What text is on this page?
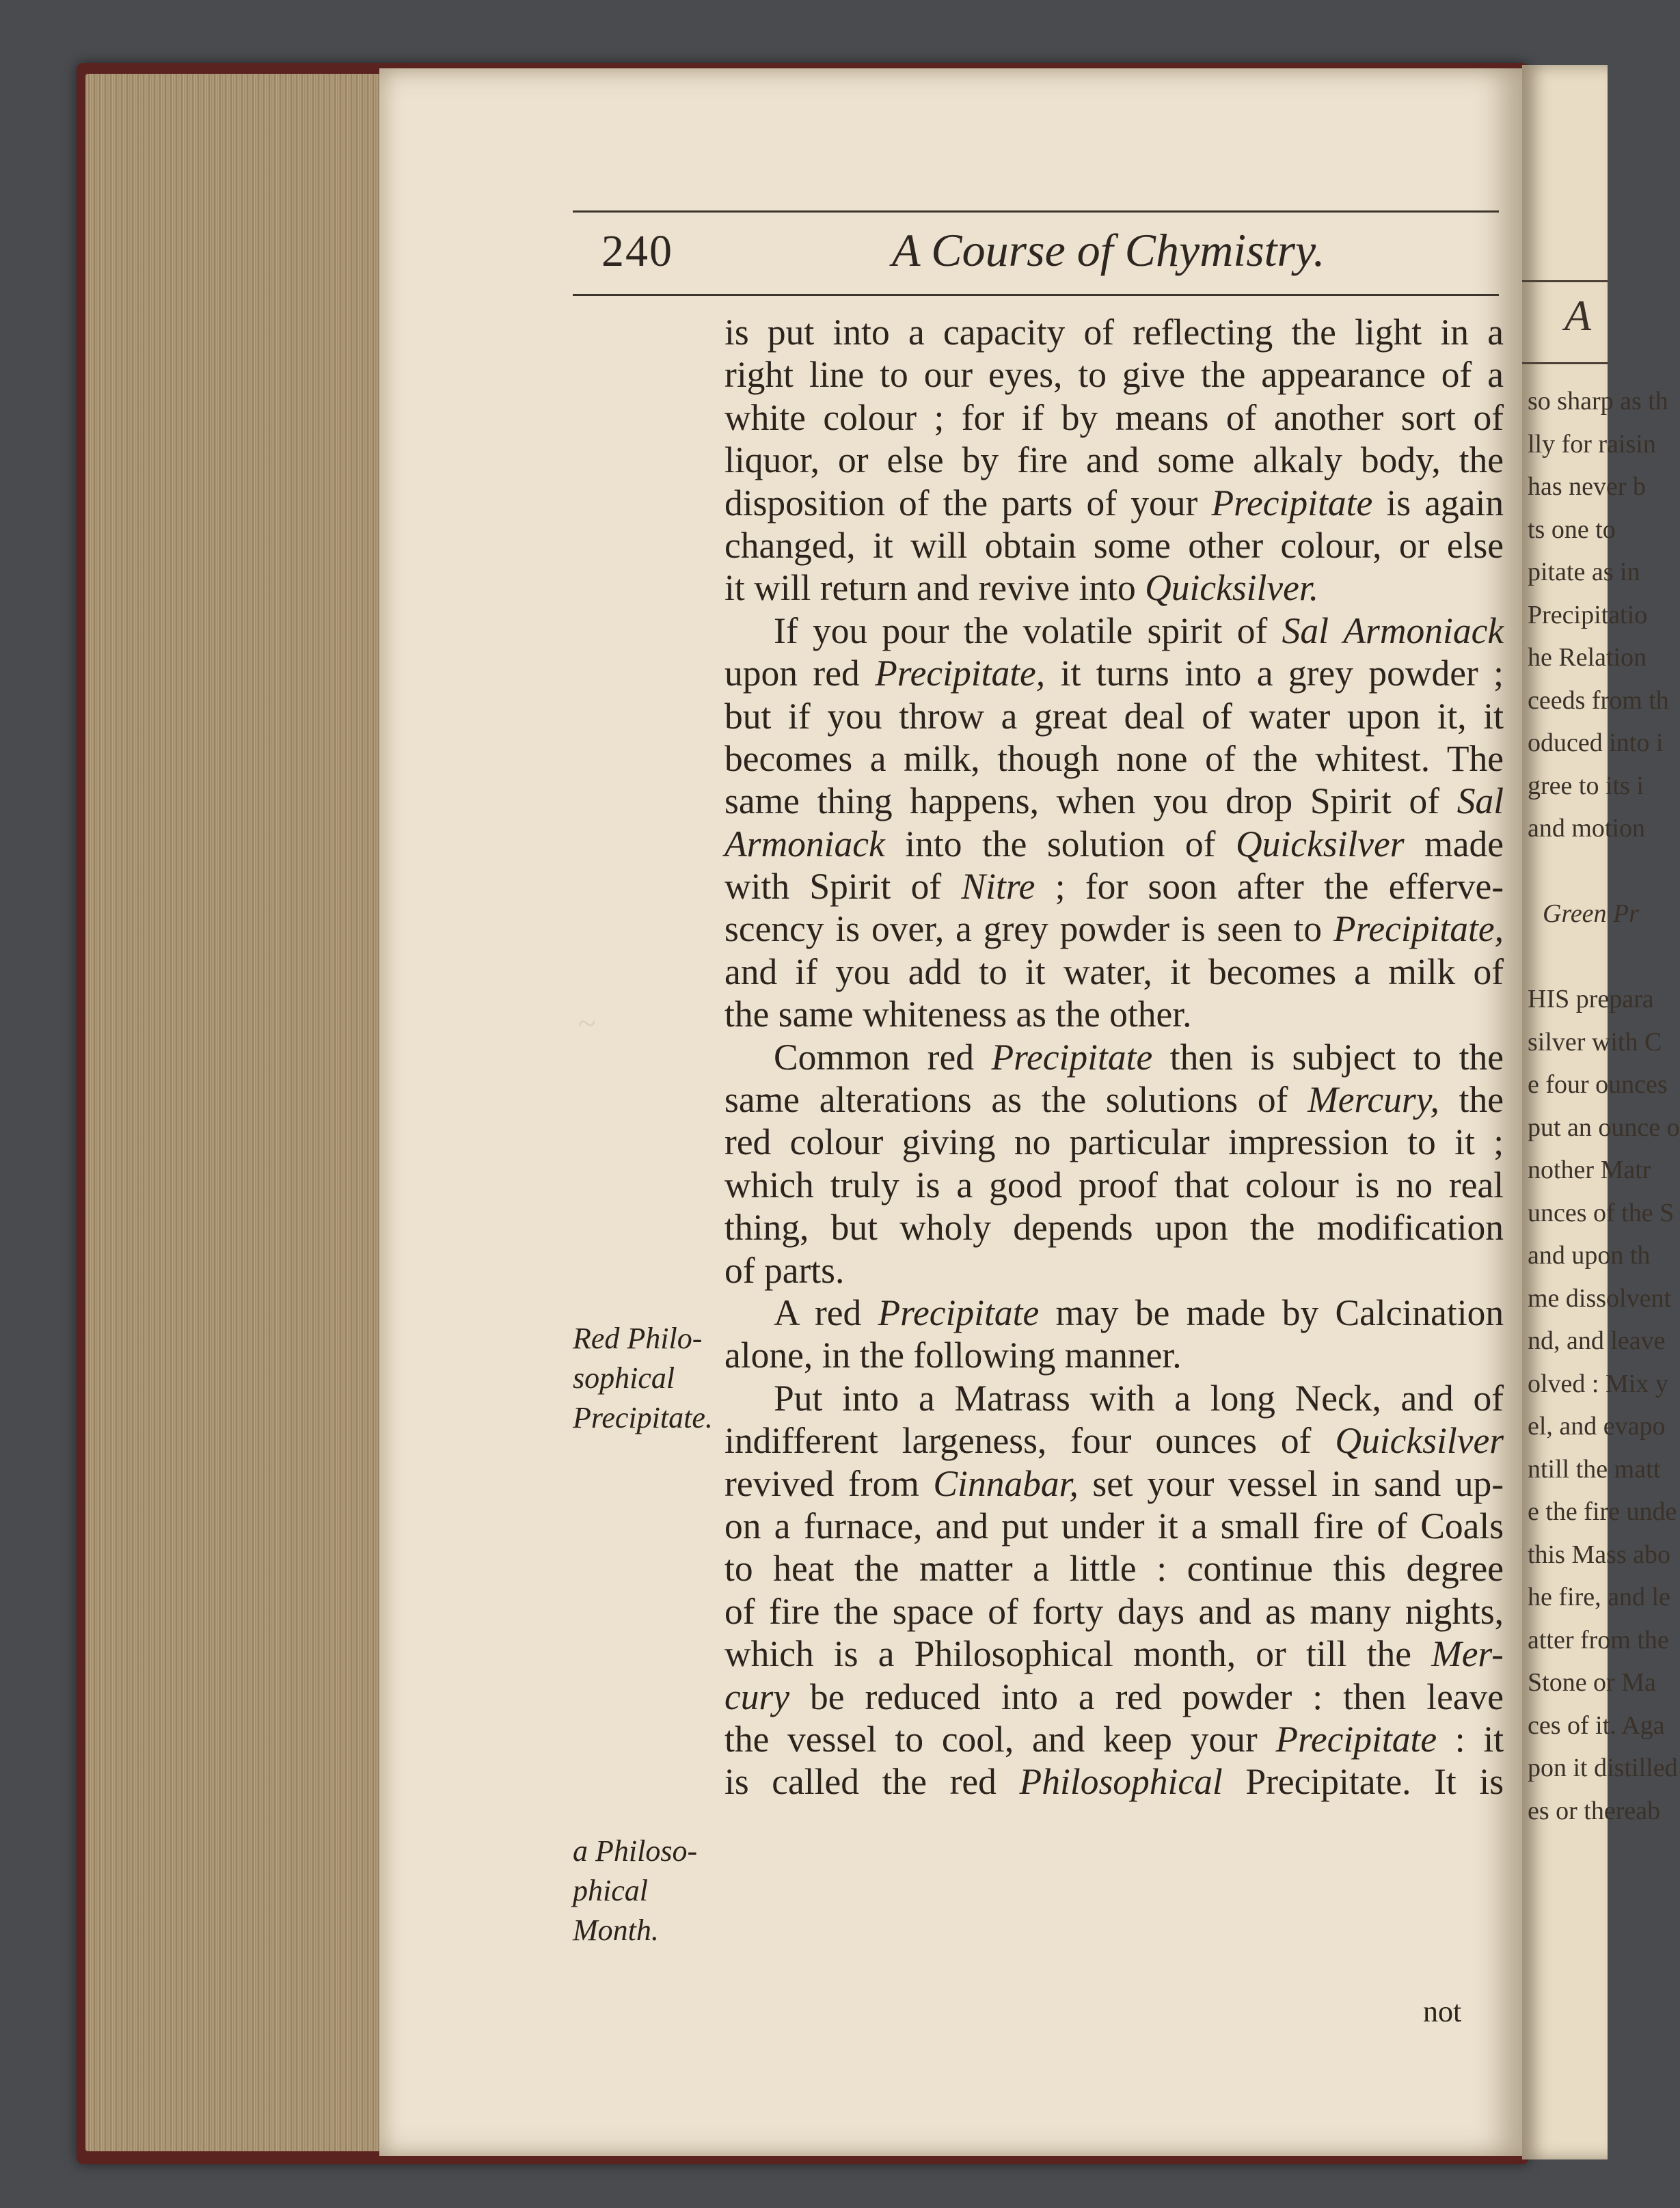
A
so sharp as th
lly for raisin
has never b
ts one to
pitate as in
Precipitatio
he Relation
ceeds from th
oduced into i
gree to its i
and motion
Green Pr
HIS prepara
silver with C
e four ounces
put an ounce o
nother Matr
unces of the S
and upon th
me dissolvent
nd, and leave
olved : Mix y
el, and evapo
ntill the matt
e the fire unde
this Mass abo
he fire, and le
atter from the
Stone or Ma
ces of it. Aga
pon it distilled
es or thereab
240	A Course of Chymistry.
~
is put into a capacity of reflecting the light in a
right line to our eyes, to give the appearance of a
white colour ; for if by means of another sort of
liquor, or else by fire and some alkaly body, the
disposition of the parts of your Precipitate is again
changed, it will obtain some other colour, or else
it will return and revive into Quicksilver.
If you pour the volatile spirit of Sal Armoniack
upon red Precipitate, it turns into a grey powder ;
but if you throw a great deal of water upon it, it
becomes a milk, though none of the whitest. The
same thing happens, when you drop Spirit of Sal
Armoniack into the solution of Quicksilver made
with Spirit of Nitre ; for soon after the efferve-
scency is over, a grey powder is seen to Precipitate,
and if you add to it water, it becomes a milk of
the same whiteness as the other.
Common red Precipitate then is subject to the
same alterations as the solutions of Mercury, the
red colour giving no particular impression to it ;
which truly is a good proof that colour is no real
thing, but wholy depends upon the modification
of parts.
A red Precipitate may be made by Calcination
alone, in the following manner.
Put into a Matrass with a long Neck, and of
indifferent largeness, four ounces of Quicksilver
revived from Cinnabar, set your vessel in sand up-
on a furnace, and put under it a small fire of Coals
to heat the matter a little : continue this degree
of fire the space of forty days and as many nights,
which is a Philosophical month, or till the Mer-
cury be reduced into a red powder : then leave
the vessel to cool, and keep your Precipitate : it
is called the red Philosophical Precipitate. It is
Red Philo-
sophical
Precipitate.
a Philoso-
phical
Month.
not
